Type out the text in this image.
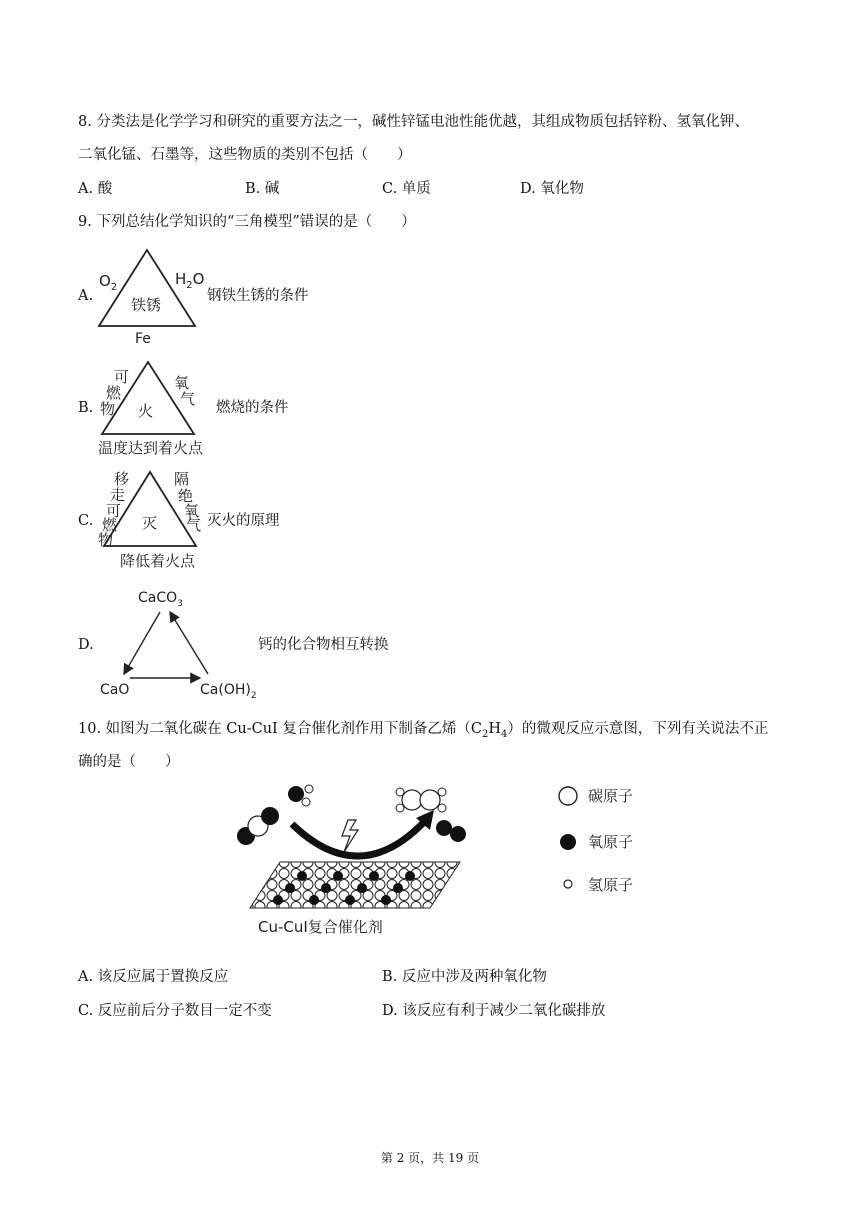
8. 分类法是化学学习和研究的重要方法之一，碱性锌锰电池性能优越，其组成物质包括锌粉、氢氧化钾、
二氧化锰、石墨等，这些物质的类别不包括（　　）
A. 酸	B. 碱	C. 单质	D. 氧化物
9. 下列总结化学知识的“三角模型”错误的是（　　）
A.
$O_2$	$H_2O$
铁锈
Fe
钢铁生锈的条件
B.
可
燃
物
氧
气
火
温度达到着火点
燃烧的条件
C.
移
走
可
燃
物
隔
绝
氧
气
灭
降低着火点
灭火的原理
D.
CaCO$_3$
CaO	$Ca(OH)_2$
钙的化合物相互转换
10. 如图为二氧化碳在 Cu-CuI 复合催化剂作用下制备乙烯$(C_2H_4)$的微观反应示意图，下列有关说法不正
确的是（　　）
Cu-CuI复合催化剂
碳原子
氧原子
氢原子
A. 该反应属于置换反应	B. 反应中涉及两种氧化物
C. 反应前后分子数目一定不变	D. 该反应有利于减少二氧化碳排放
第 2 页，共 19 页
